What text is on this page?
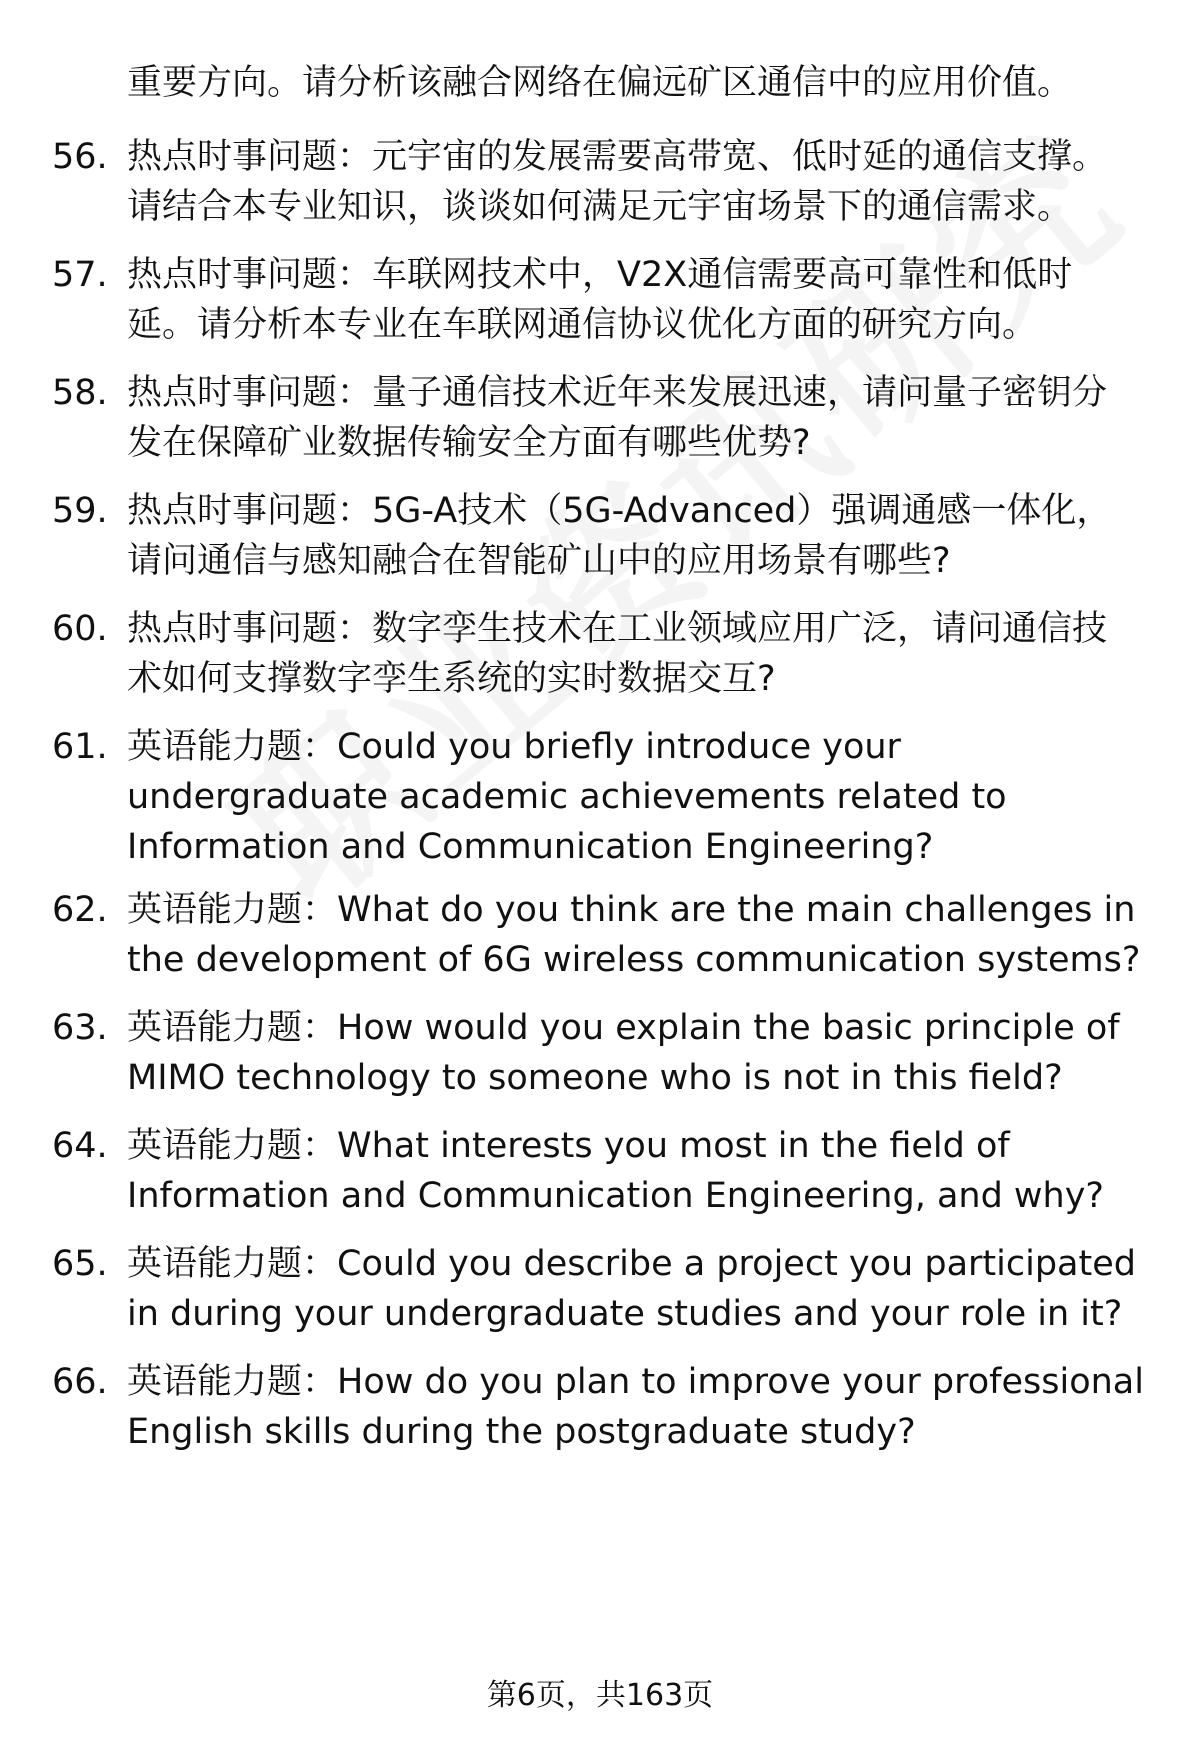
重要方向。请分析该融合网络在偏远矿区通信中的应用价值。
56. 热点时事问题：元宇宙的发展需要高带宽、低时延的通信支撑。
请结合本专业知识，谈谈如何满足元宇宙场景下的通信需求。
57. 热点时事问题：车联网技术中，V2X通信需要高可靠性和低时
延。请分析本专业在车联网通信协议优化方面的研究方向。
58. 热点时事问题：量子通信技术近年来发展迅速，请问量子密钥分
发在保障矿业数据传输安全方面有哪些优势?
59. 热点时事问题：5G-A技术（5G-Advanced）强调通感一体化，
请问通信与感知融合在智能矿山中的应用场景有哪些?
60. 热点时事问题：数字孪生技术在工业领域应用广泛，请问通信技
术如何支撑数字孪生系统的实时数据交互?
61. 英语能力题：Could you briefly introduce your
undergraduate academic achievements related to
Information and Communication Engineering?
62. 英语能力题：What do you think are the main challenges in
the development of 6G wireless communication systems?
63. 英语能力题：How would you explain the basic principle of
MIMO technology to someone who is not in this field?
64. 英语能力题：What interests you most in the field of
Information and Communication Engineering, and why?
65. 英语能力题：Could you describe a project you participated
in during your undergraduate studies and your role in it?
66. 英语能力题：How do you plan to improve your professional
English skills during the postgraduate study?
第6页，共163页
